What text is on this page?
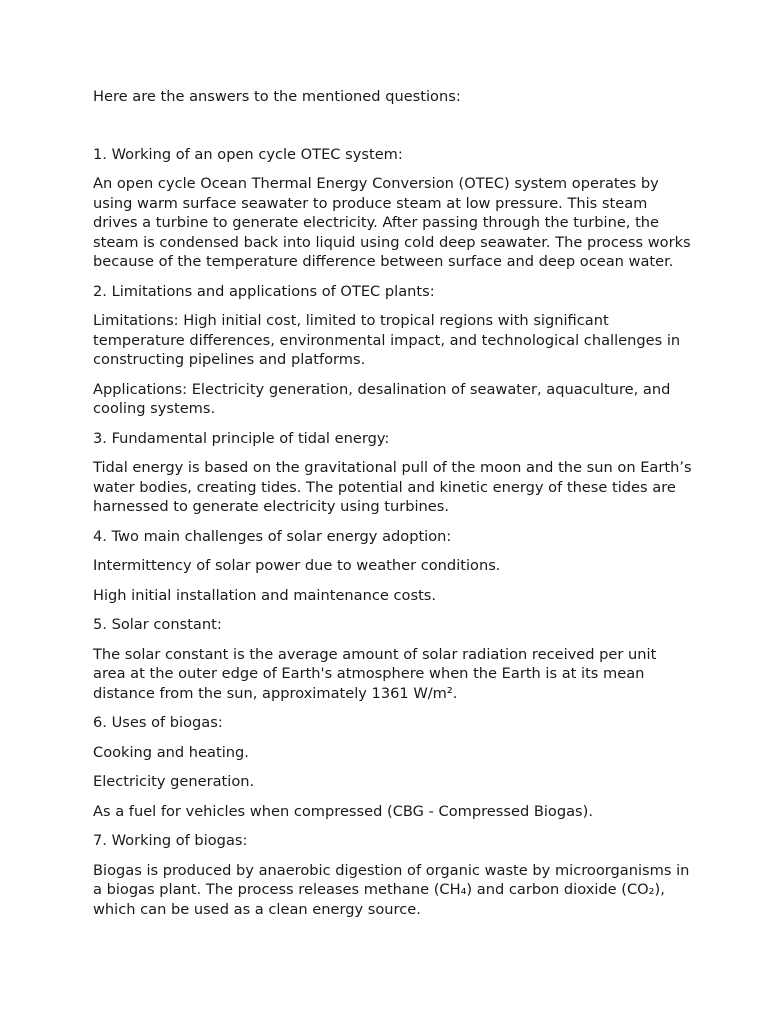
Here are the answers to the mentioned questions:

1. Working of an open cycle OTEC system:

An open cycle Ocean Thermal Energy Conversion (OTEC) system operates by using warm surface seawater to produce steam at low pressure. This steam drives a turbine to generate electricity. After passing through the turbine, the steam is condensed back into liquid using cold deep seawater. The process works because of the temperature difference between surface and deep ocean water.

2. Limitations and applications of OTEC plants:

Limitations: High initial cost, limited to tropical regions with significant temperature differences, environmental impact, and technological challenges in constructing pipelines and platforms.

Applications: Electricity generation, desalination of seawater, aquaculture, and cooling systems.

3. Fundamental principle of tidal energy:

Tidal energy is based on the gravitational pull of the moon and the sun on Earth’s water bodies, creating tides. The potential and kinetic energy of these tides are harnessed to generate electricity using turbines.

4. Two main challenges of solar energy adoption:

Intermittency of solar power due to weather conditions.

High initial installation and maintenance costs.

5. Solar constant:

The solar constant is the average amount of solar radiation received per unit area at the outer edge of Earth's atmosphere when the Earth is at its mean distance from the sun, approximately 1361 W/m².

6. Uses of biogas:

Cooking and heating.

Electricity generation.

As a fuel for vehicles when compressed (CBG - Compressed Biogas).

7. Working of biogas:

Biogas is produced by anaerobic digestion of organic waste by microorganisms in a biogas plant. The process releases methane (CH₄) and carbon dioxide (CO₂), which can be used as a clean energy source.
